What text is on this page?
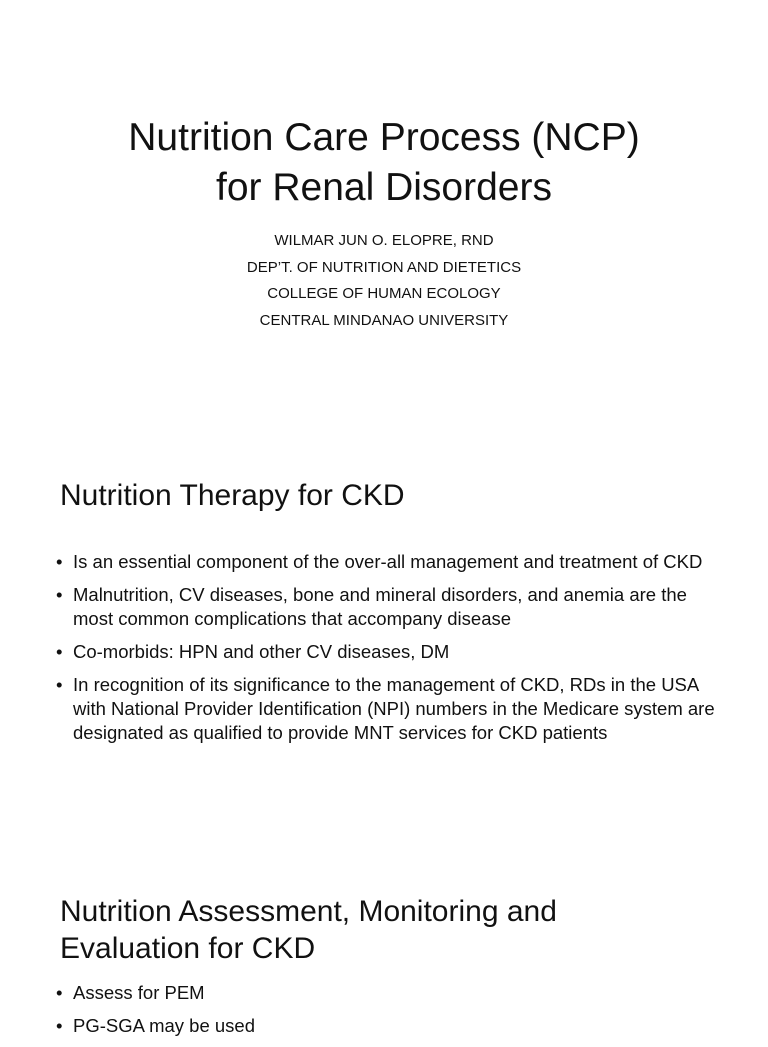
Nutrition Care Process (NCP)
for Renal Disorders
WILMAR JUN O. ELOPRE, RND
DEP’T. OF NUTRITION AND DIETETICS
COLLEGE OF HUMAN ECOLOGY
CENTRAL MINDANAO UNIVERSITY
Nutrition Therapy for CKD
• Is an essential component of the over-all management and treatment of CKD
• Malnutrition, CV diseases, bone and mineral disorders, and anemia are the most common complications that accompany disease
• Co-morbids: HPN and other CV diseases, DM
• In recognition of its significance to the management of CKD, RDs in the USA with National Provider Identification (NPI) numbers in the Medicare system are designated as qualified to provide MNT services for CKD patients
Nutrition Assessment, Monitoring and
Evaluation for CKD
• Assess for PEM
• PG-SGA may be used
